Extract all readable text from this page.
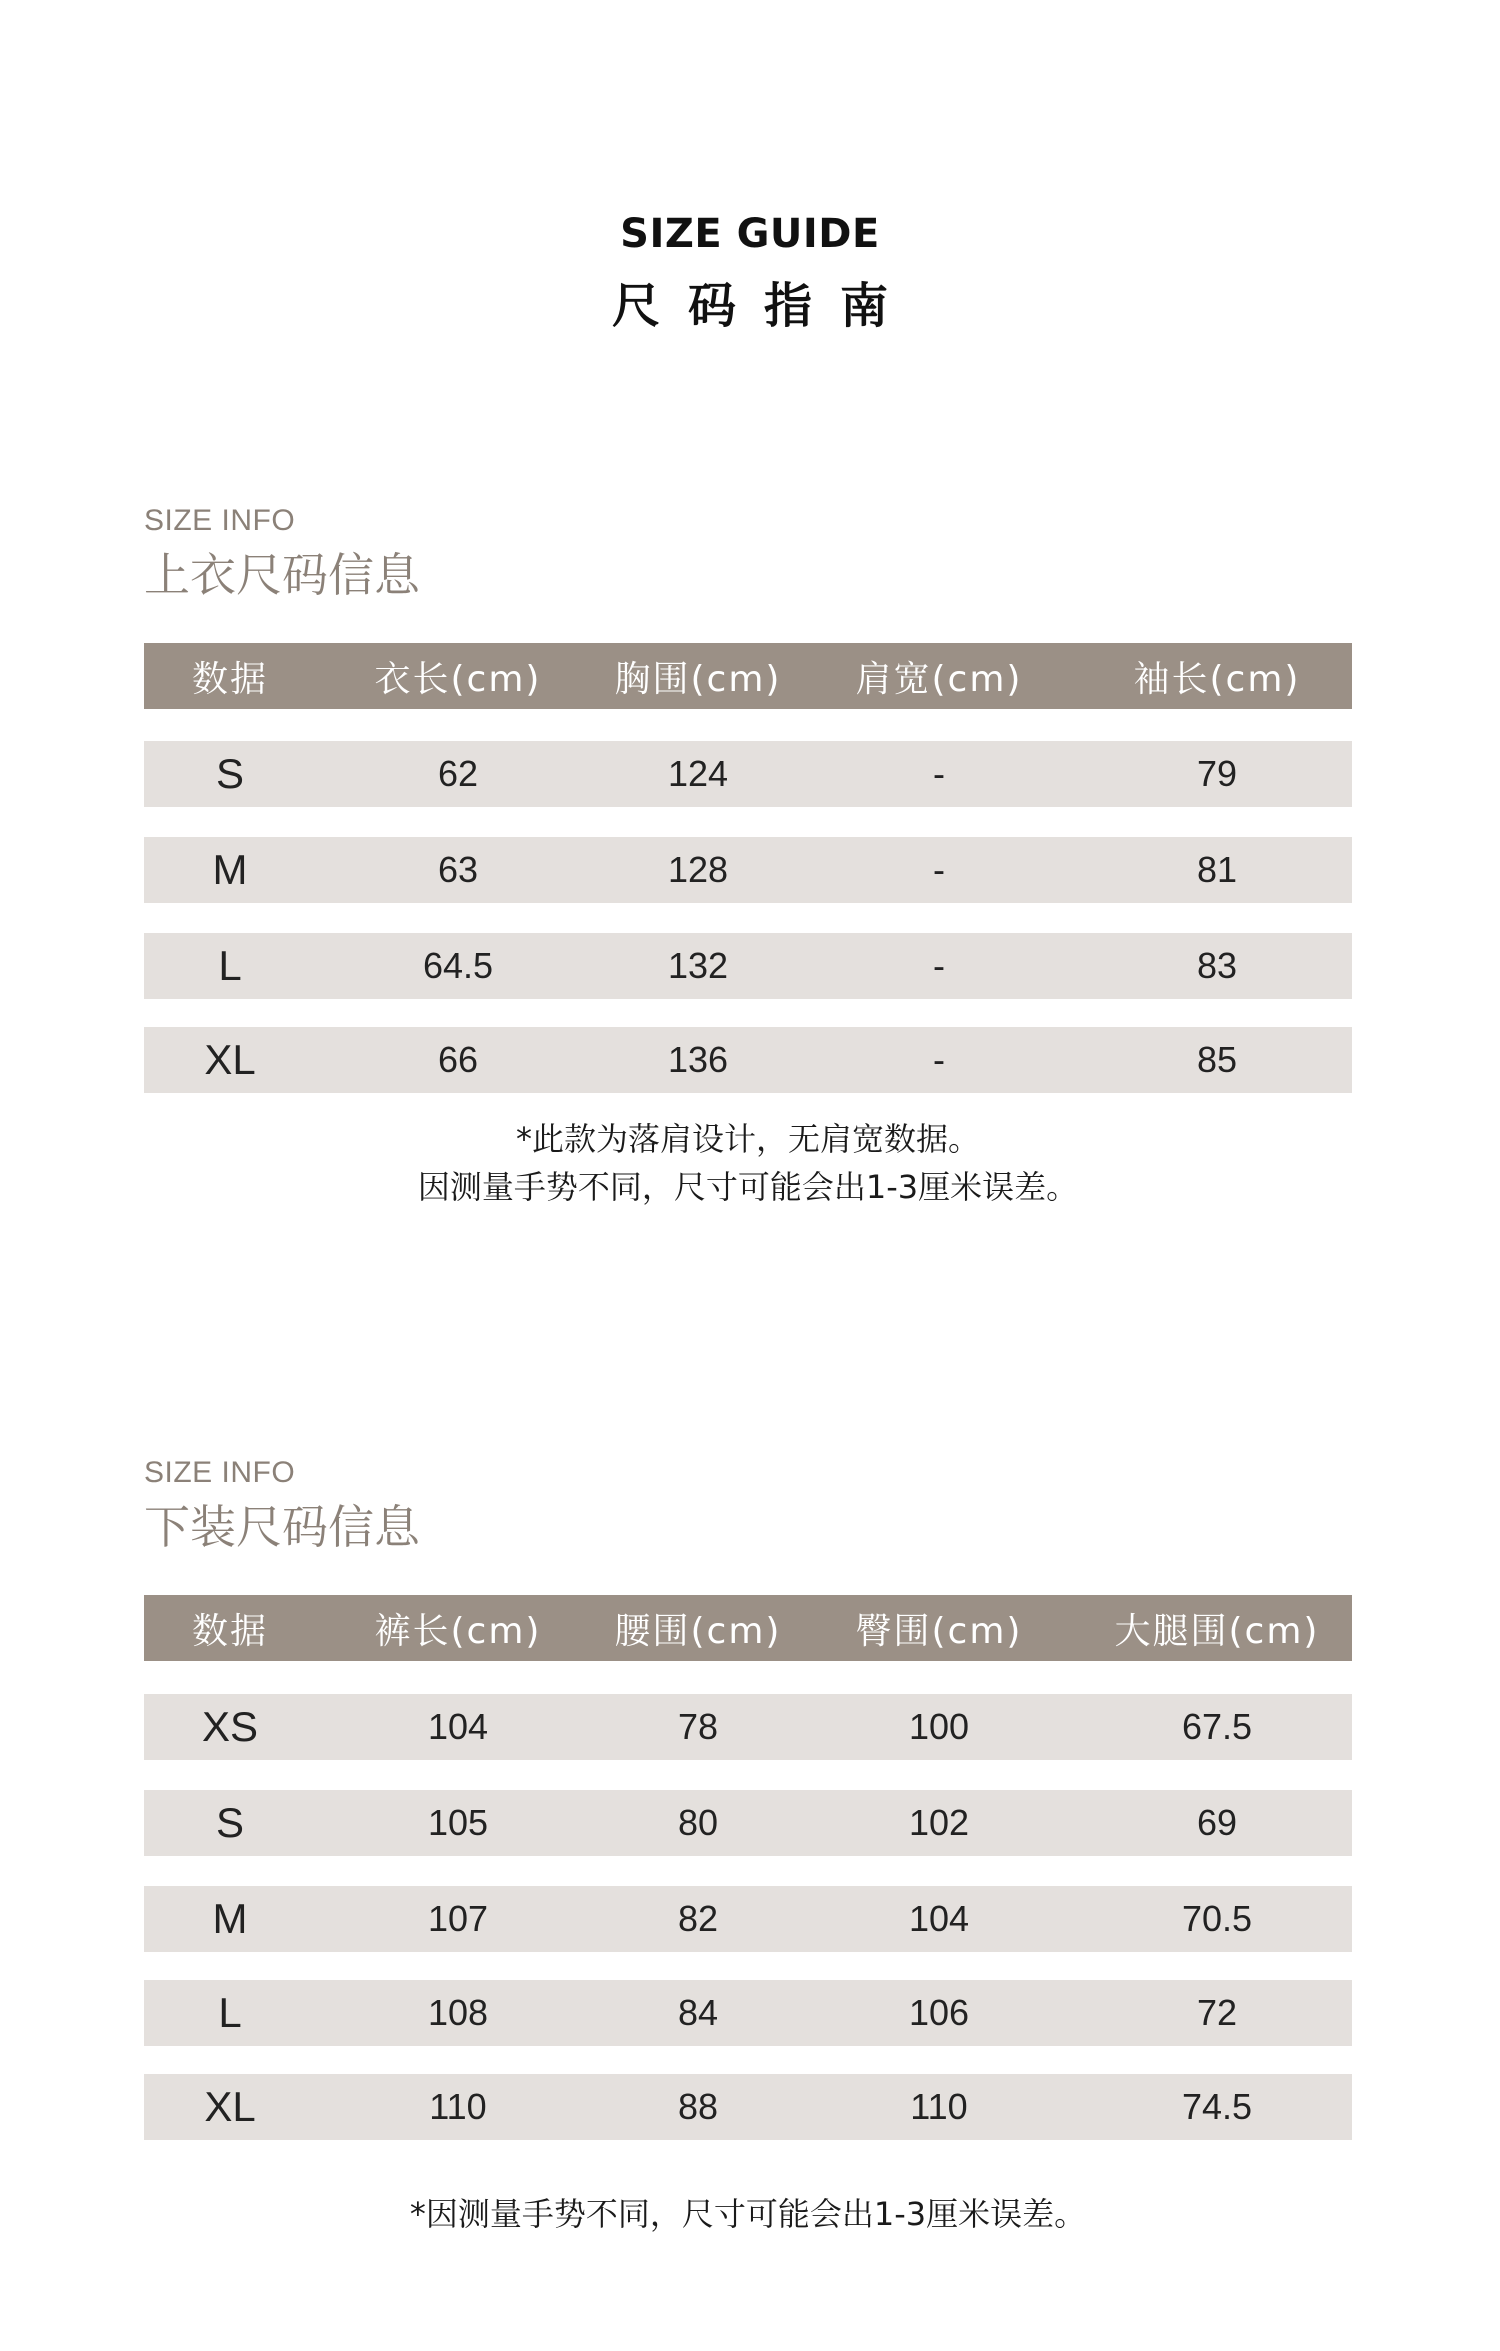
SIZE GUIDE
尺码指南
SIZE INFO
上衣尺码信息
数据	衣长(cm)	胸围(cm)	肩宽(cm)	袖长(cm)
S	62	124	-	79
M	63	128	-	81
L	64.5	132	-	83
XL	66	136	-	85
*此款为落肩设计，无肩宽数据。
因测量手势不同，尺寸可能会出1-3厘米误差。
SIZE INFO
下装尺码信息
数据	裤长(cm)	腰围(cm)	臀围(cm)	大腿围(cm)
XS	104	78	100	67.5
S	105	80	102	69
M	107	82	104	70.5
L	108	84	106	72
XL	110	88	110	74.5
*因测量手势不同，尺寸可能会出1-3厘米误差。
